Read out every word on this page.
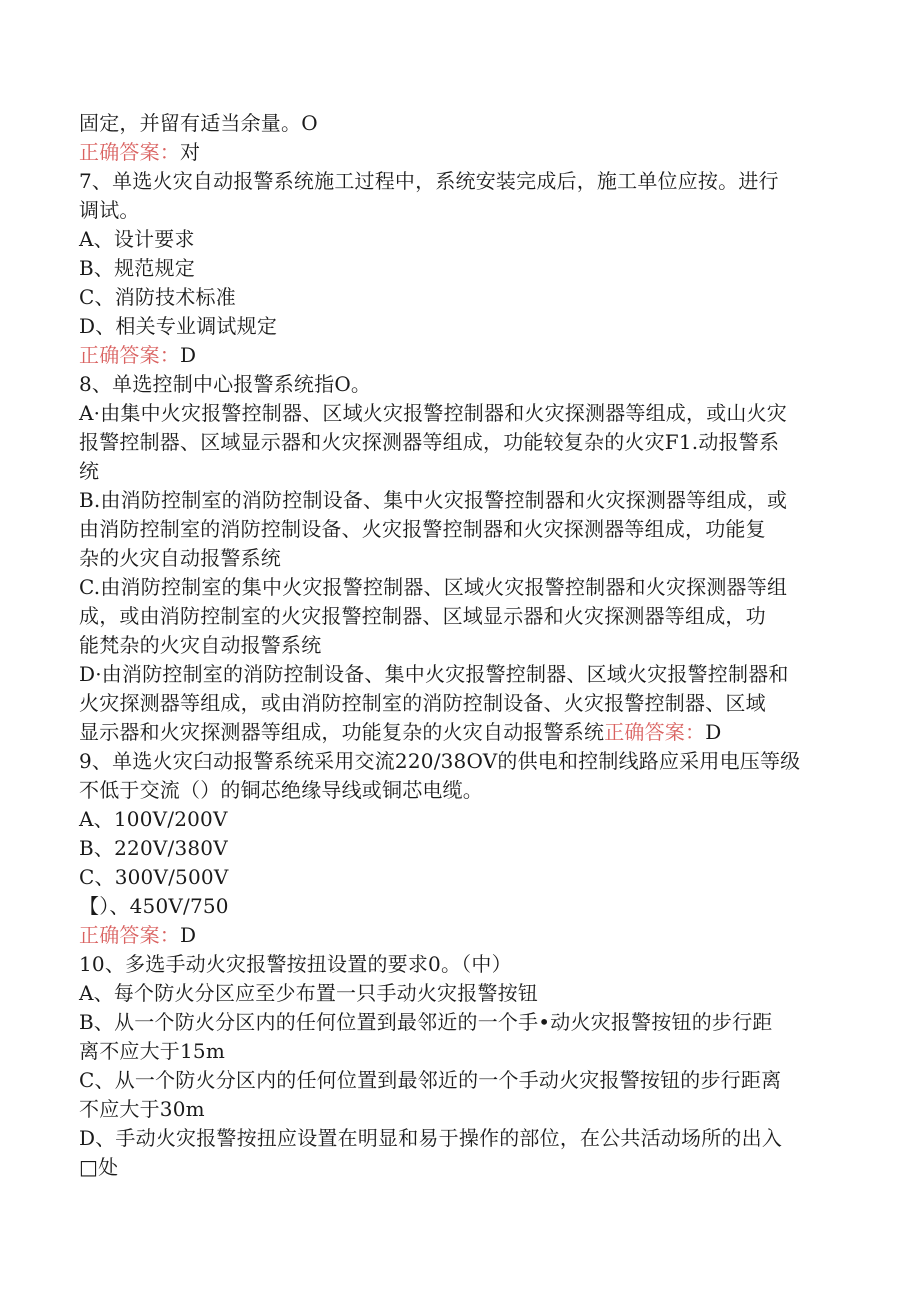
固定，并留有适当余量。O
正确答案：对
7、单选火灾自动报警系统施工过程中，系统安装完成后，施工单位应按。进行
调试。
A、设计要求
B、规范规定
C、消防技术标准
D、相关专业调试规定
正确答案：D
8、单选控制中心报警系统指O。
A·由集中火灾报警控制器、区域火灾报警控制器和火灾探测器等组成，或山火灾
报警控制器、区域显示器和火灾探测器等组成，功能较复杂的火灾F1.动报警系
统
B.由消防控制室的消防控制设备、集中火灾报警控制器和火灾探测器等组成，或
由消防控制室的消防控制设备、火灾报警控制器和火灾探测器等组成，功能复
杂的火灾自动报警系统
C.由消防控制室的集中火灾报警控制器、区域火灾报警控制器和火灾探测器等组
成，或由消防控制室的火灾报警控制器、区域显示器和火灾探测器等组成，功
能梵杂的火灾自动报警系统
D·由消防控制室的消防控制设备、集中火灾报警控制器、区域火灾报警控制器和
火灾探测器等组成，或由消防控制室的消防控制设备、火灾报警控制器、区域
显示器和火灾探测器等组成，功能复杂的火灾自动报警系统正确答案：D
9、单选火灾臼动报警系统采用交流220/38OV的供电和控制线路应采用电压等级
不低于交流（）的铜芯绝缘导线或铜芯电缆。
A、100V/200V
B、220V/380V
C、300V/500V
【）、450V/750
正确答案：D
10、多选手动火灾报警按扭设置的要求0。（中）
A、每个防火分区应至少布置一只手动火灾报警按钮
B、从一个防火分区内的任何位置到最邻近的一个手•动火灾报警按钮的步行距
离不应大于15m
C、从一个防火分区内的任何位置到最邻近的一个手动火灾报警按钮的步行距离
不应大于30m
D、手动火灾报警按扭应设置在明显和易于操作的部位，在公共活动场所的出入
□处
